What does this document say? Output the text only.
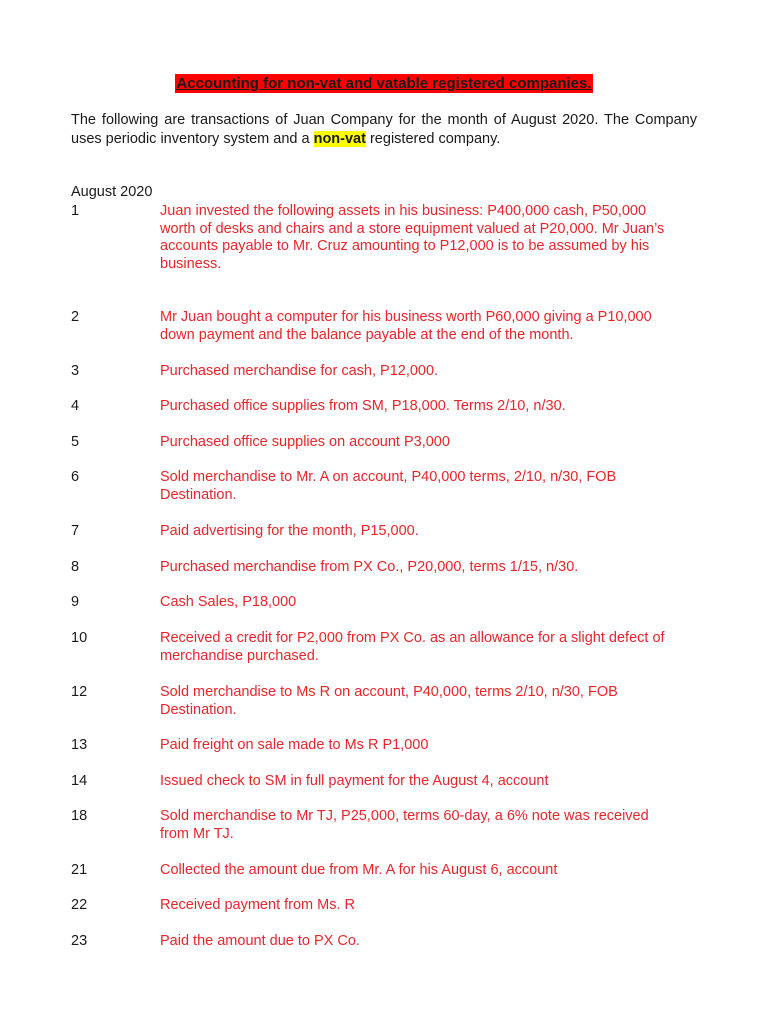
Accounting for non-vat and vatable registered companies.
The following are transactions of Juan Company for the month of August 2020. The Company uses periodic inventory system and a non-vat registered company.
August 2020
1	Juan invested the following assets in his business: P400,000 cash, P50,000 worth of desks and chairs and a store equipment valued at P20,000. Mr Juan’s accounts payable to Mr. Cruz amounting to P12,000 is to be assumed by his business.
2	Mr Juan bought a computer for his business worth P60,000 giving a P10,000 down payment and the balance payable at the end of the month.
3	Purchased merchandise for cash, P12,000.
4	Purchased office supplies from SM, P18,000. Terms 2/10, n/30.
5	Purchased office supplies on account P3,000
6	Sold merchandise to Mr. A on account, P40,000 terms, 2/10, n/30, FOB Destination.
7	Paid advertising for the month, P15,000.
8	Purchased merchandise from PX Co., P20,000, terms 1/15, n/30.
9	Cash Sales, P18,000
10	Received a credit for P2,000 from PX Co. as an allowance for a slight defect of merchandise purchased.
12	Sold merchandise to Ms R on account, P40,000, terms 2/10, n/30, FOB Destination.
13	Paid freight on sale made to Ms R P1,000
14	Issued check to SM in full payment for the August 4, account
18	Sold merchandise to Mr TJ, P25,000, terms 60-day, a 6% note was received from Mr TJ.
21	Collected the amount due from Mr. A for his August 6, account
22	Received payment from Ms. R
23	Paid the amount due to PX Co.
